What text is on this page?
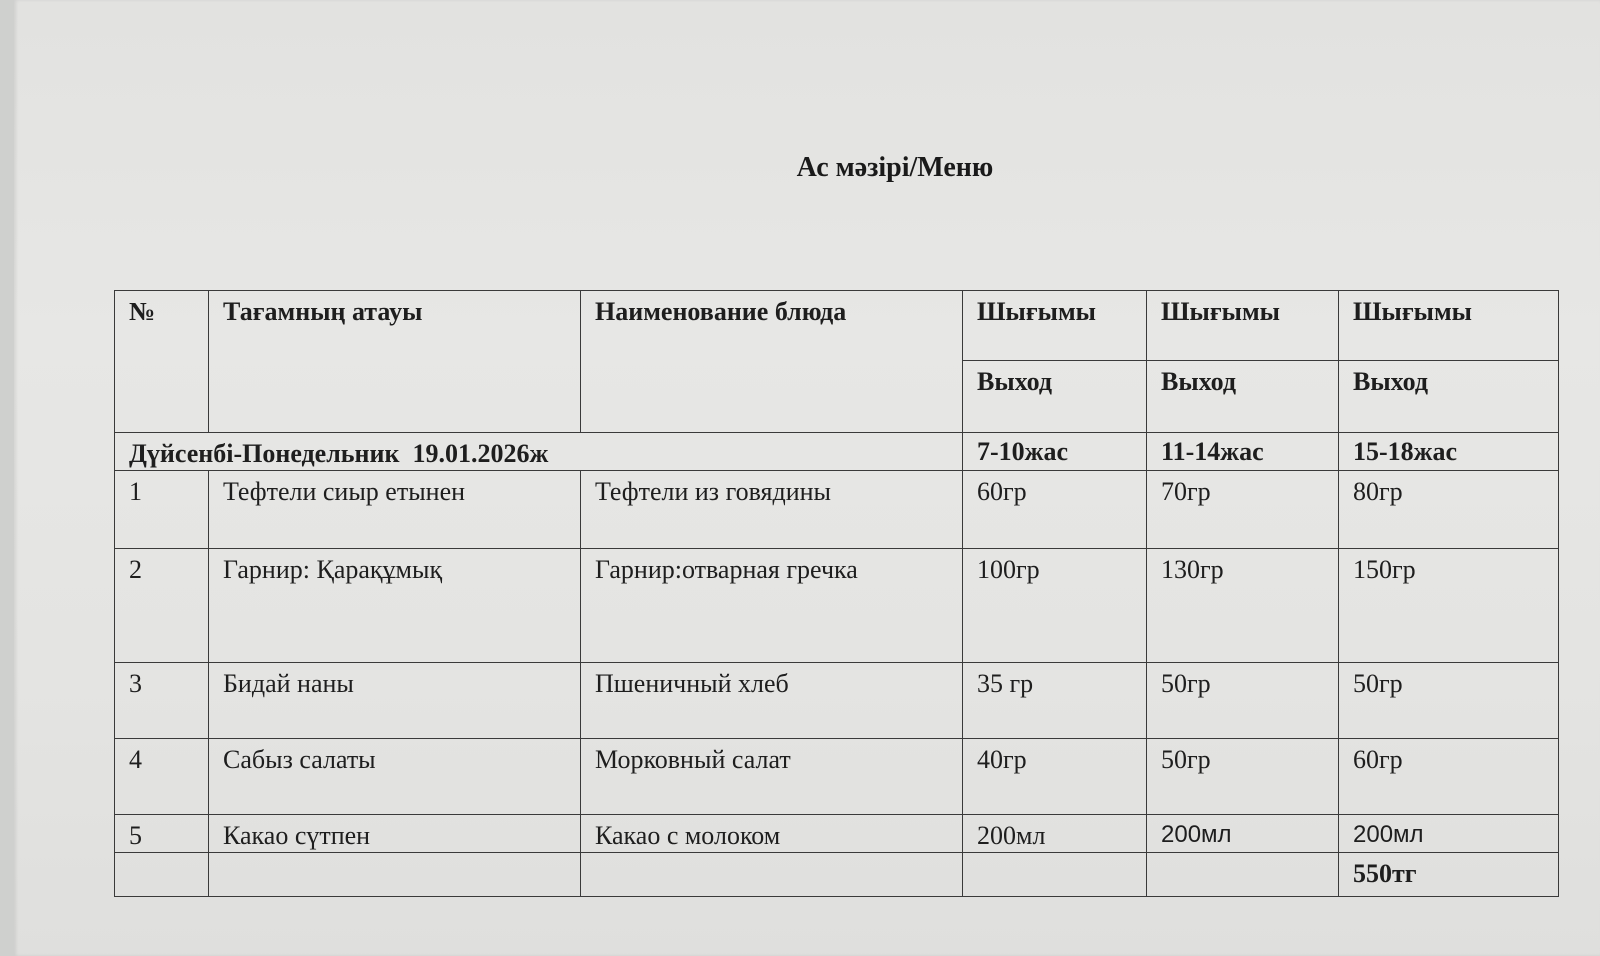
Ас мәзірі/Меню
№	Тағамның атауы	Наименование блюда	Шығымы	Шығымы	Шығымы
			Выход	Выход	Выход
Дүйсенбі-Понедельник 19.01.2026ж			7-10жас	11-14жас	15-18жас
1	Тефтели сиыр етынен	Тефтели из говядины	60гр	70гр	80гр
2	Гарнир: Қарақұмық	Гарнир:отварная гречка	100гр	130гр	150гр
3	Бидай наны	Пшеничный хлеб	35 гр	50гр	50гр
4	Сабыз салаты	Морковный салат	40гр	50гр	60гр
5	Какао сүтпен	Какао с молоком	200мл	200мл	200мл
					550тг
